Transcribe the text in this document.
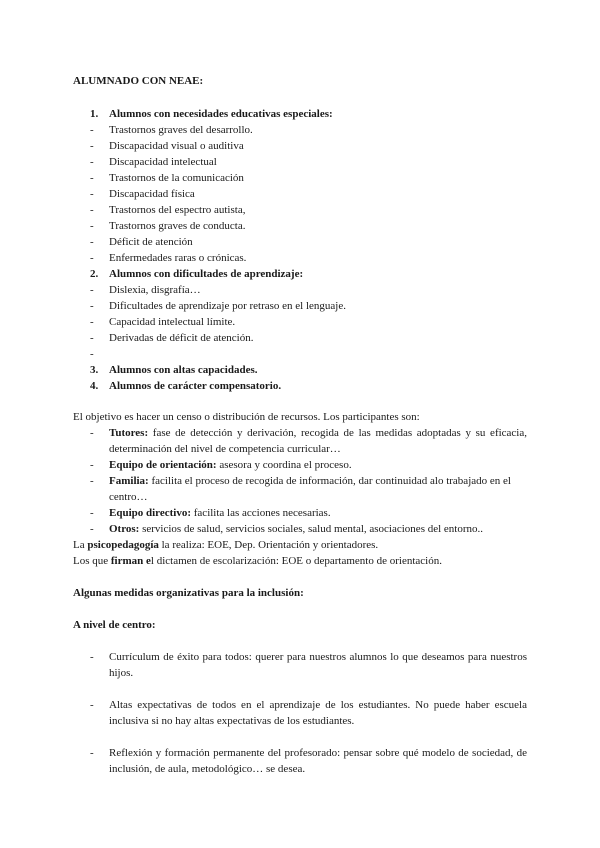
ALUMNADO CON NEAE:
1. Alumnos con necesidades educativas especiales:
- Trastornos graves del desarrollo.
- Discapacidad visual o auditiva
- Discapacidad intelectual
- Trastornos de la comunicación
- Discapacidad física
- Trastornos del espectro autista,
- Trastornos graves de conducta.
- Déficit de atención
- Enfermedades raras o crónicas.
2. Alumnos con dificultades de aprendizaje:
- Dislexia, disgrafía…
- Dificultades de aprendizaje por retraso en el lenguaje.
- Capacidad intelectual límite.
- Derivadas de déficit de atención.
-
3. Alumnos con altas capacidades.
4. Alumnos de carácter compensatorio.
El objetivo es hacer un censo o distribución de recursos. Los participantes son:
- Tutores: fase de detección y derivación, recogida de las medidas adoptadas y su eficacia, determinación del nivel de competencia curricular…
- Equipo de orientación: asesora y coordina el proceso.
- Familia: facilita el proceso de recogida de información, dar continuidad alo trabajado en el centro…
- Equipo directivo: facilita las acciones necesarias.
- Otros: servicios de salud, servicios sociales, salud mental, asociaciones del entorno..
La psicopedagogía la realiza: EOE, Dep. Orientación y orientadores.
Los que firman el dictamen de escolarización: EOE o departamento de orientación.
Algunas medidas organizativas para la inclusión:
A nivel de centro:
- Currículum de éxito para todos: querer para nuestros alumnos lo que deseamos para nuestros hijos.
- Altas expectativas de todos en el aprendizaje de los estudiantes. No puede haber escuela inclusiva si no hay altas expectativas de los estudiantes.
- Reflexión y formación permanente del profesorado: pensar sobre qué modelo de sociedad, de inclusión, de aula, metodológico… se desea.
